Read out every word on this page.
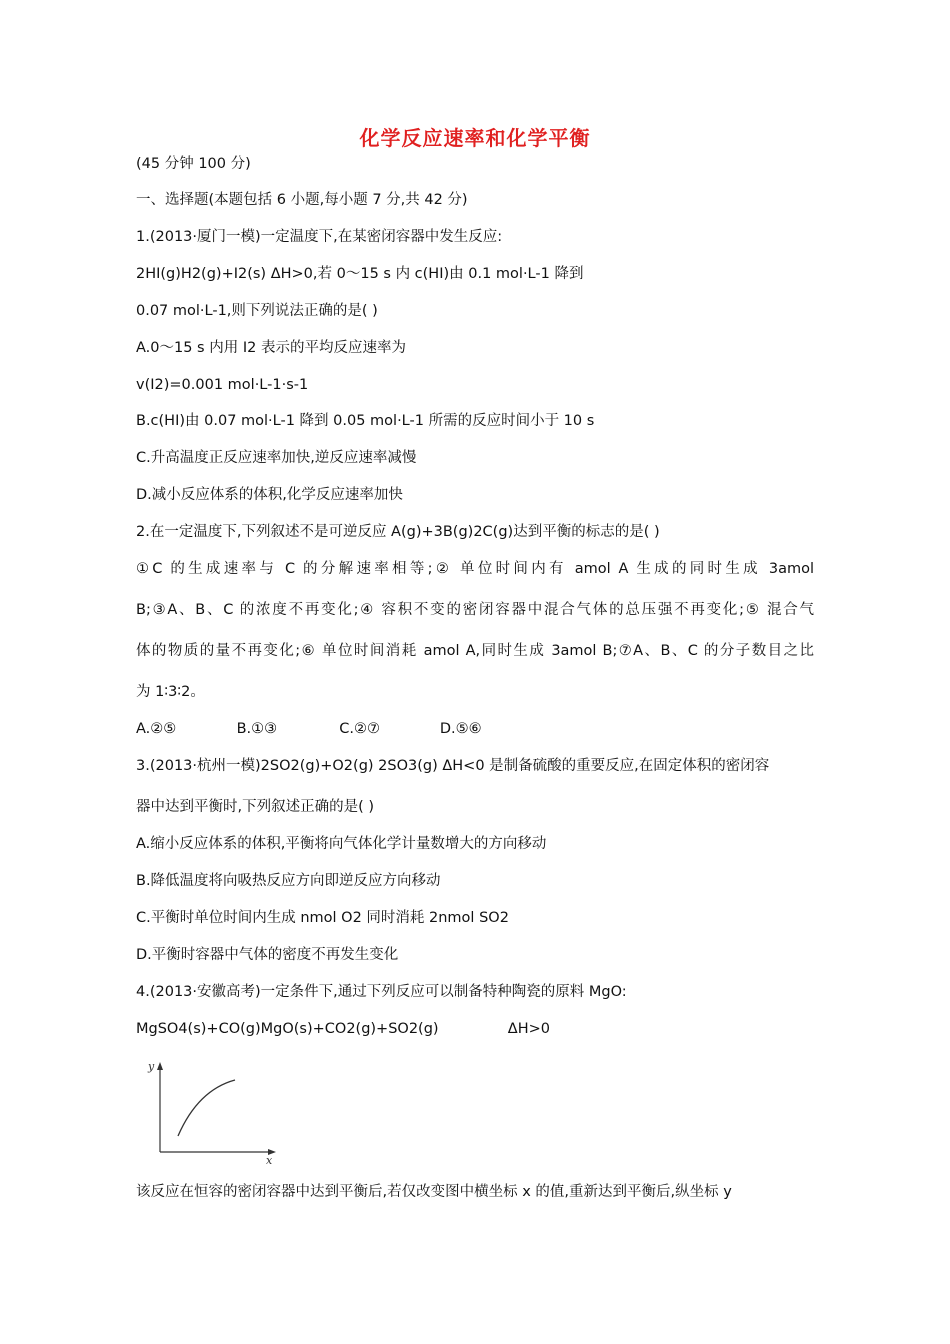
化学反应速率和化学平衡
(45 分钟 100 分)
一、选择题(本题包括 6 小题,每小题 7 分,共 42 分)
1.(2013·厦门一模)一定温度下,在某密闭容器中发生反应:
2HI(g)H2(g)+I2(s) ΔH>0,若 0～15 s 内 c(HI)由 0.1 mol·L-1 降到
0.07 mol·L-1,则下列说法正确的是( )
A.0～15 s 内用 I2 表示的平均反应速率为
v(I2)=0.001 mol·L-1·s-1
B.c(HI)由 0.07 mol·L-1 降到 0.05 mol·L-1 所需的反应时间小于 10 s
C.升高温度正反应速率加快,逆反应速率减慢
D.减小反应体系的体积,化学反应速率加快
2.在一定温度下,下列叙述不是可逆反应 A(g)+3B(g)2C(g)达到平衡的标志的是( )
①C 的生成速率与 C 的分解速率相等;② 单位时间内有 amol A 生成的同时生成 3amol
B;③A、B、C 的浓度不再变化;④ 容积不变的密闭容器中混合气体的总压强不再变化;⑤ 混合气
体的物质的量不再变化;⑥ 单位时间消耗 amol A,同时生成 3amol B;⑦A、B、C 的分子数目之比
为 1∶3∶2。
A.②⑤	B.①③	C.②⑦	D.⑤⑥
3.(2013·杭州一模)2SO2(g)+O2(g) 2SO3(g) ΔH<0 是制备硫酸的重要反应,在固定体积的密闭容
器中达到平衡时,下列叙述正确的是( )
A.缩小反应体系的体积,平衡将向气体化学计量数增大的方向移动
B.降低温度将向吸热反应方向即逆反应方向移动
C.平衡时单位时间内生成 nmol O2 同时消耗 2nmol SO2
D.平衡时容器中气体的密度不再发生变化
4.(2013·安徽高考)一定条件下,通过下列反应可以制备特种陶瓷的原料 MgO:
MgSO4(s)+CO(g)MgO(s)+CO2(g)+SO2(g)	ΔH>0
y
x
该反应在恒容的密闭容器中达到平衡后,若仅改变图中横坐标 x 的值,重新达到平衡后,纵坐标 y
